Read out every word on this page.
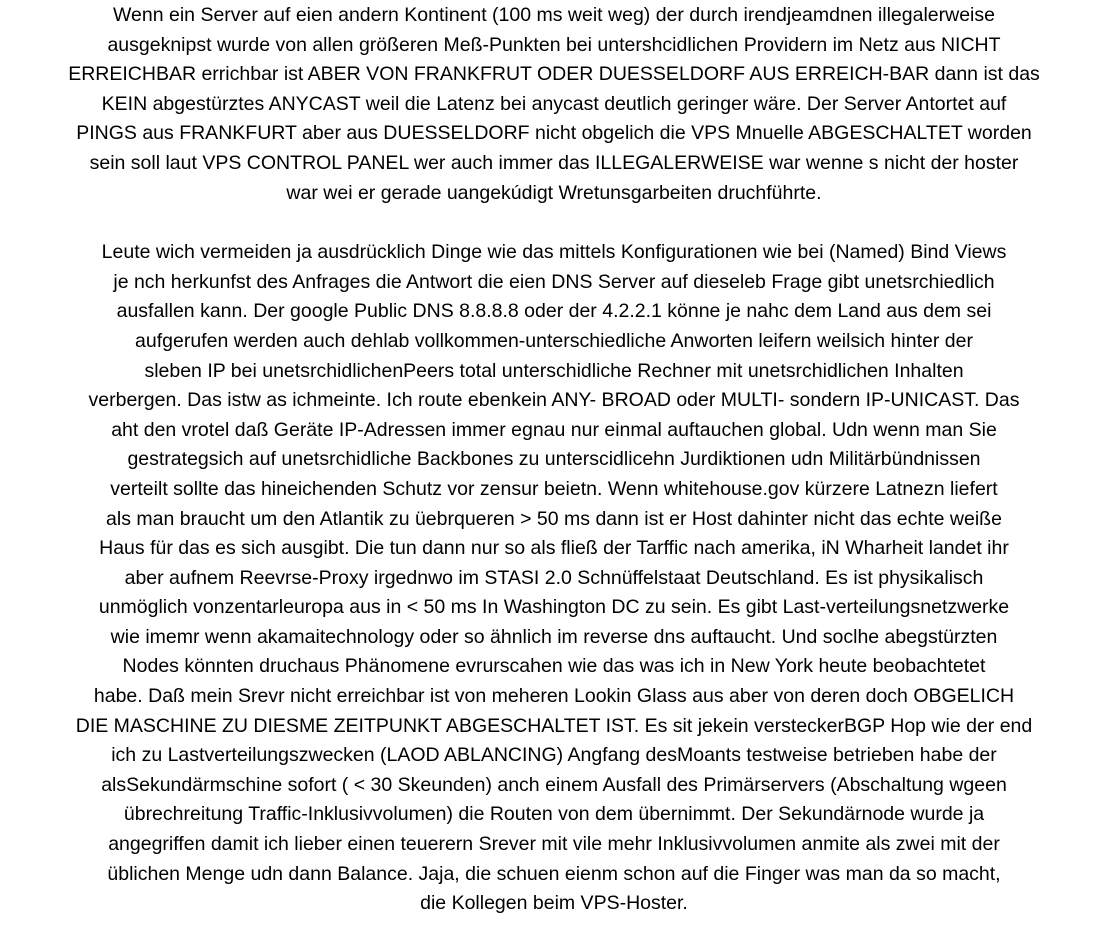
Wenn ein Server auf eien andern Kontinent (100 ms weit weg) der durch irendjeamdnen illegalerweise
ausgeknipst wurde von allen größeren Meß-Punkten bei untershcidlichen Providern im Netz aus NICHT
ERREICHBAR errichbar ist ABER VON FRANKFRUT ODER DUESSELDORF AUS ERREICH-BAR dann ist das
KEIN abgestürztes ANYCAST weil die Latenz bei anycast deutlich geringer wäre. Der Server Antortet auf
PINGS aus FRANKFURT aber aus DUESSELDORF nicht obgelich die VPS Mnuelle ABGESCHALTET worden
sein soll laut VPS CONTROL PANEL wer auch immer das ILLEGALERWEISE war wenne s nicht der hoster
war wei er gerade uangekúdigt Wretunsgarbeiten druchführte.
Leute wich vermeiden ja ausdrücklich Dinge wie das mittels Konfigurationen wie bei (Named) Bind Views
je nch herkunfst des Anfrages die Antwort die eien DNS Server auf dieseleb Frage gibt unetsrchiedlich
ausfallen kann. Der google Public DNS 8.8.8.8 oder der 4.2.2.1 könne je nahc dem Land aus dem sei
aufgerufen werden auch dehlab vollkommen-unterschiedliche Anworten leifern weilsich hinter der
sleben IP bei unetsrchidlichenPeers total unterschidliche Rechner mit unetsrchidlichen Inhalten
verbergen. Das istw as ichmeinte. Ich route ebenkein ANY- BROAD oder MULTI- sondern IP-UNICAST. Das
aht den vrotel daß Geräte IP-Adressen immer egnau nur einmal auftauchen global. Udn wenn man Sie
gestrategsich auf unetsrchidliche Backbones zu unterscidlicehn Jurdiktionen udn Militärbündnissen
verteilt sollte das hineichenden Schutz vor zensur beietn. Wenn whitehouse.gov kürzere Latnezn liefert
als man braucht um den Atlantik zu üebrqueren > 50 ms dann ist er Host dahinter nicht das echte weiße
Haus für das es sich ausgibt. Die tun dann nur so als fließ der Tarffic nach amerika, iN Wharheit landet ihr
aber aufnem Reevrse-Proxy irgednwo im STASI 2.0 Schnüffelstaat Deutschland. Es ist physikalisch
unmöglich vonzentarleuropa aus in < 50 ms In Washington DC zu sein. Es gibt Last-verteilungsnetzwerke
wie imemr wenn akamaitechnology oder so ähnlich im reverse dns auftaucht. Und soclhe abegstürzten
Nodes könnten druchaus Phänomene evrurscahen wie das was ich in New York heute beobachtetet
habe. Daß mein Srevr nicht erreichbar ist von meheren Lookin Glass aus aber von deren doch OBGELICH
DIE MASCHINE ZU DIESME ZEITPUNKT ABGESCHALTET IST. Es sit jekein versteckerBGP Hop wie der end
ich zu Lastverteilungszwecken (LAOD ABLANCING) Angfang desMoants testweise betrieben habe der
alsSekundärmschine sofort ( < 30 Skeunden) anch einem Ausfall des Primärservers (Abschaltung wgeen
übrechreitung Traffic-Inklusivvolumen) die Routen von dem übernimmt. Der Sekundärnode wurde ja
angegriffen damit ich lieber einen teuerern Srever mit vile mehr Inklusivvolumen anmite als zwei mit der
üblichen Menge udn dann Balance. Jaja, die schuen eienm schon auf die Finger was man da so macht,
die Kollegen beim VPS-Hoster.
